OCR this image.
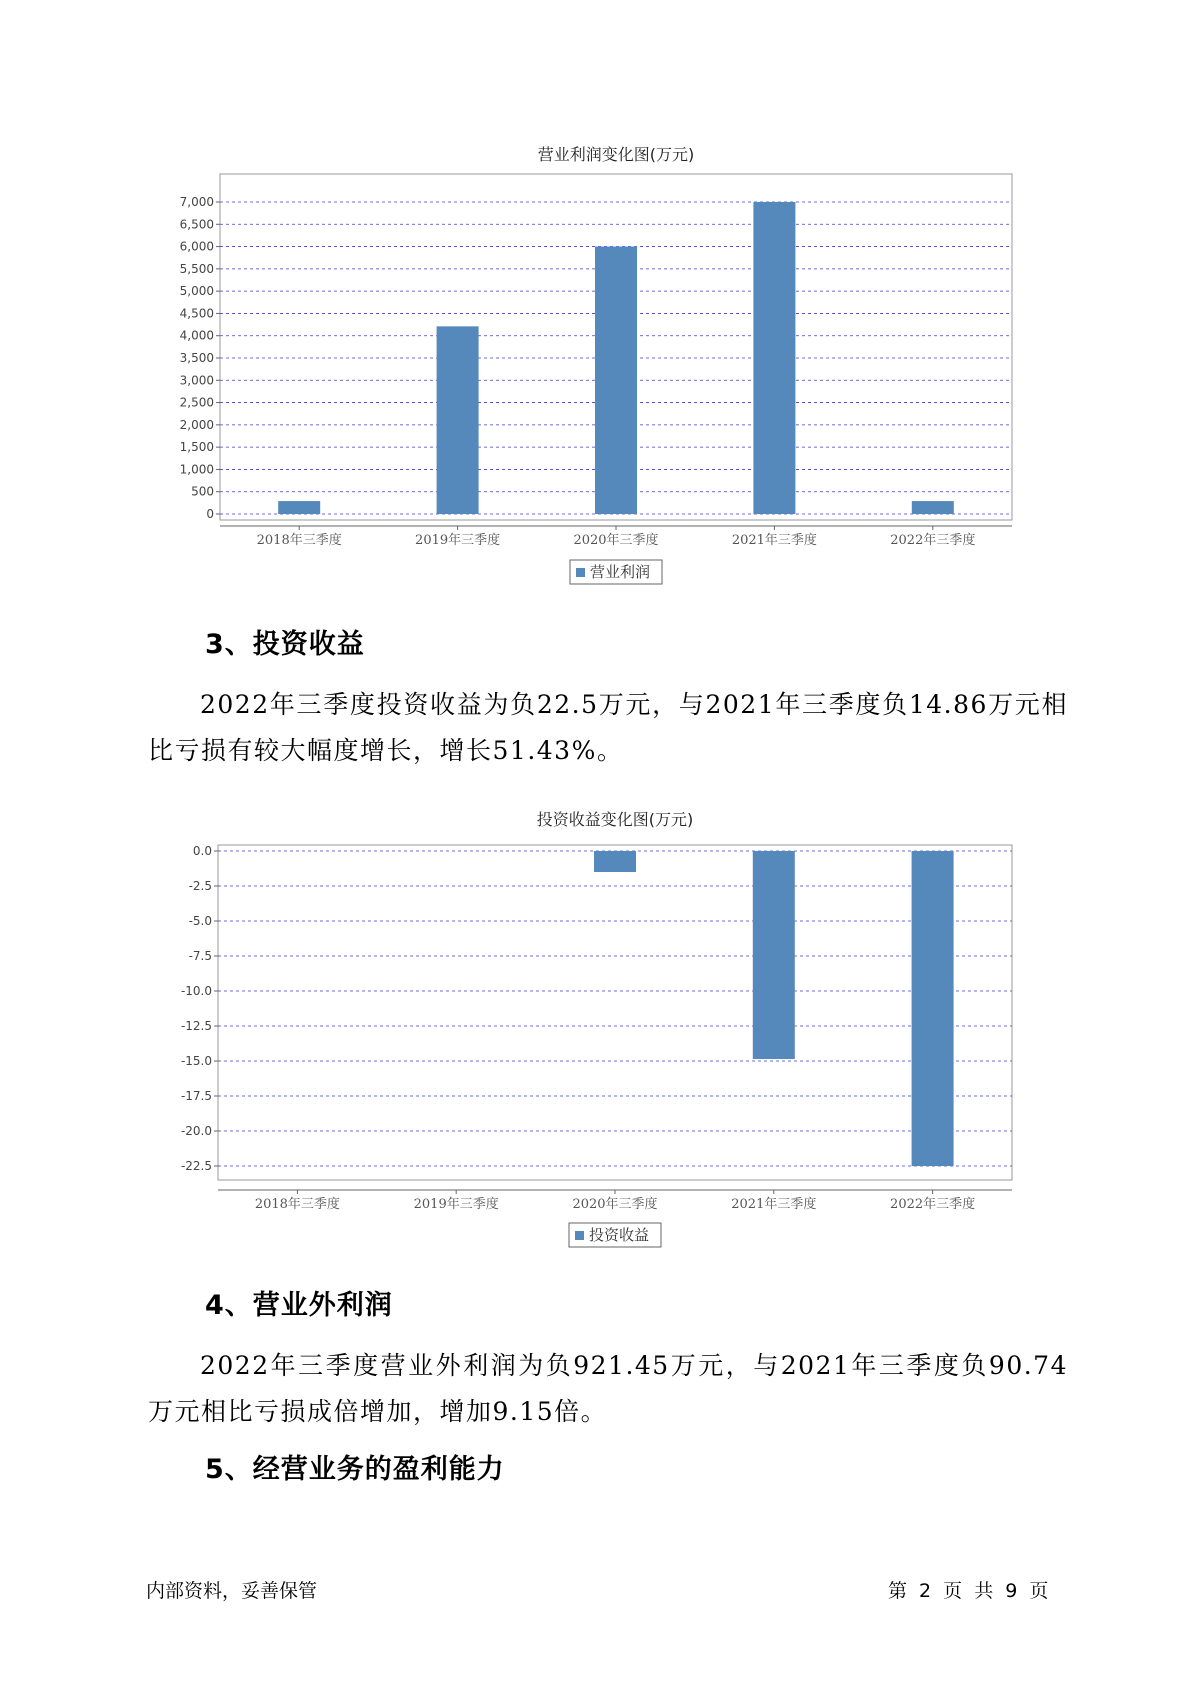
营业利润变化图(万元)
0
500
1,000
1,500
2,000
2,500
3,000
3,500
4,000
4,500
5,000
5,500
6,000
6,500
7,000
2018年三季度	2019年三季度	2020年三季度	2021年三季度	2022年三季度
营业利润
3、投资收益

2022年三季度投资收益为负22.5万元，与2021年三季度负14.86万元相比亏损有较大幅度增长，增长51.43%。

投资收益变化图(万元)
0.0
-2.5
-5.0
-7.5
-10.0
-12.5
-15.0
-17.5
-20.0
-22.5
2018年三季度	2019年三季度	2020年三季度	2021年三季度	2022年三季度
投资收益
4、营业外利润

2022年三季度营业外利润为负921.45万元，与2021年三季度负90.74万元相比亏损成倍增加，增加9.15倍。

5、经营业务的盈利能力
内部资料，妥善保管	第 2 页 共 9 页
